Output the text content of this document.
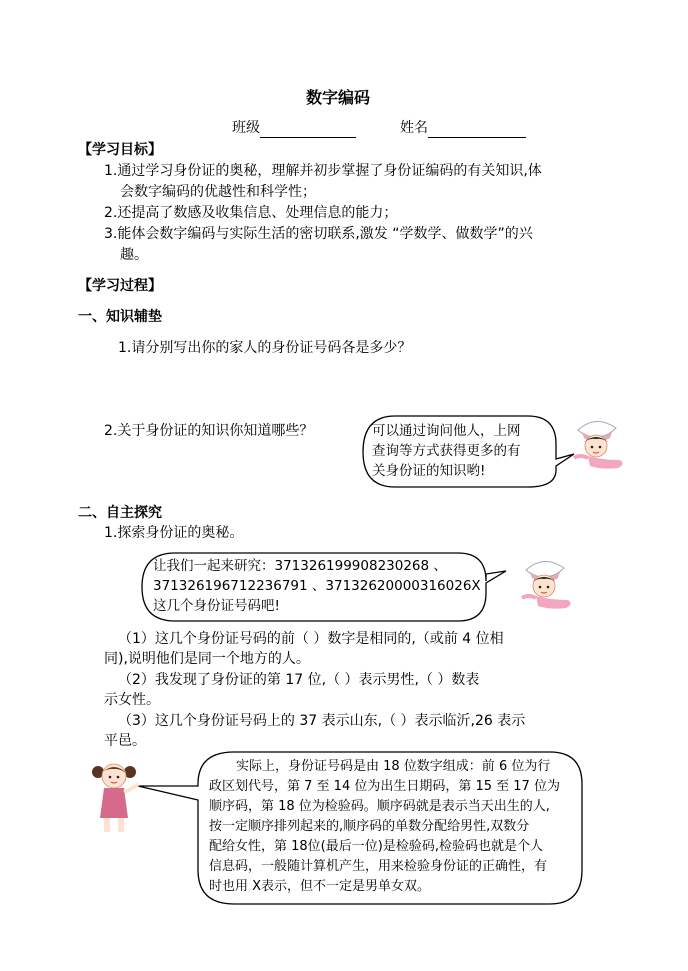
数字编码
班级	姓名
【学习目标】
1.通过学习身份证的奥秘，理解并初步掌握了身份证编码的有关知识,体
会数字编码的优越性和科学性；
2.还提高了数感及收集信息、处理信息的能力；
3.能体会数字编码与实际生活的密切联系,激发 “学数学、做数学”的兴
趣。
【学习过程】
一、知识辅垫
1.请分别写出你的家人的身份证号码各是多少？
2.关于身份证的知识你知道哪些？	可以通过询问他人，上网
查询等方式获得更多的有
关身份证的知识哟!
二、自主探究
1.探索身份证的奥秘。
让我们一起来研究：371326199908230268 、
371326196712236791 、37132620000316026X
这几个身份证号码吧!
（1）这几个身份证号码的前（ ）数字是相同的,（或前 4 位相
同),说明他们是同一个地方的人。
（2）我发现了身份证的第 17 位,（ ）表示男性,（ ）数表
示女性。
（3）这几个身份证号码上的 37 表示山东,（ ）表示临沂,26 表示
平邑。
实际上，身份证号码是由 18 位数字组成：前 6 位为行
政区划代号，第 7 至 14 位为出生日期码，第 15 至 17 位为
顺序码，第 18 位为检验码。顺序码就是表示当天出生的人,
按一定顺序排列起来的,顺序码的单数分配给男性,双数分
配给女性，第 18位(最后一位)是检验码,检验码也就是个人
信息码，一般随计算机产生，用来检验身份证的正确性，有
时也用 X表示，但不一定是男单女双。
